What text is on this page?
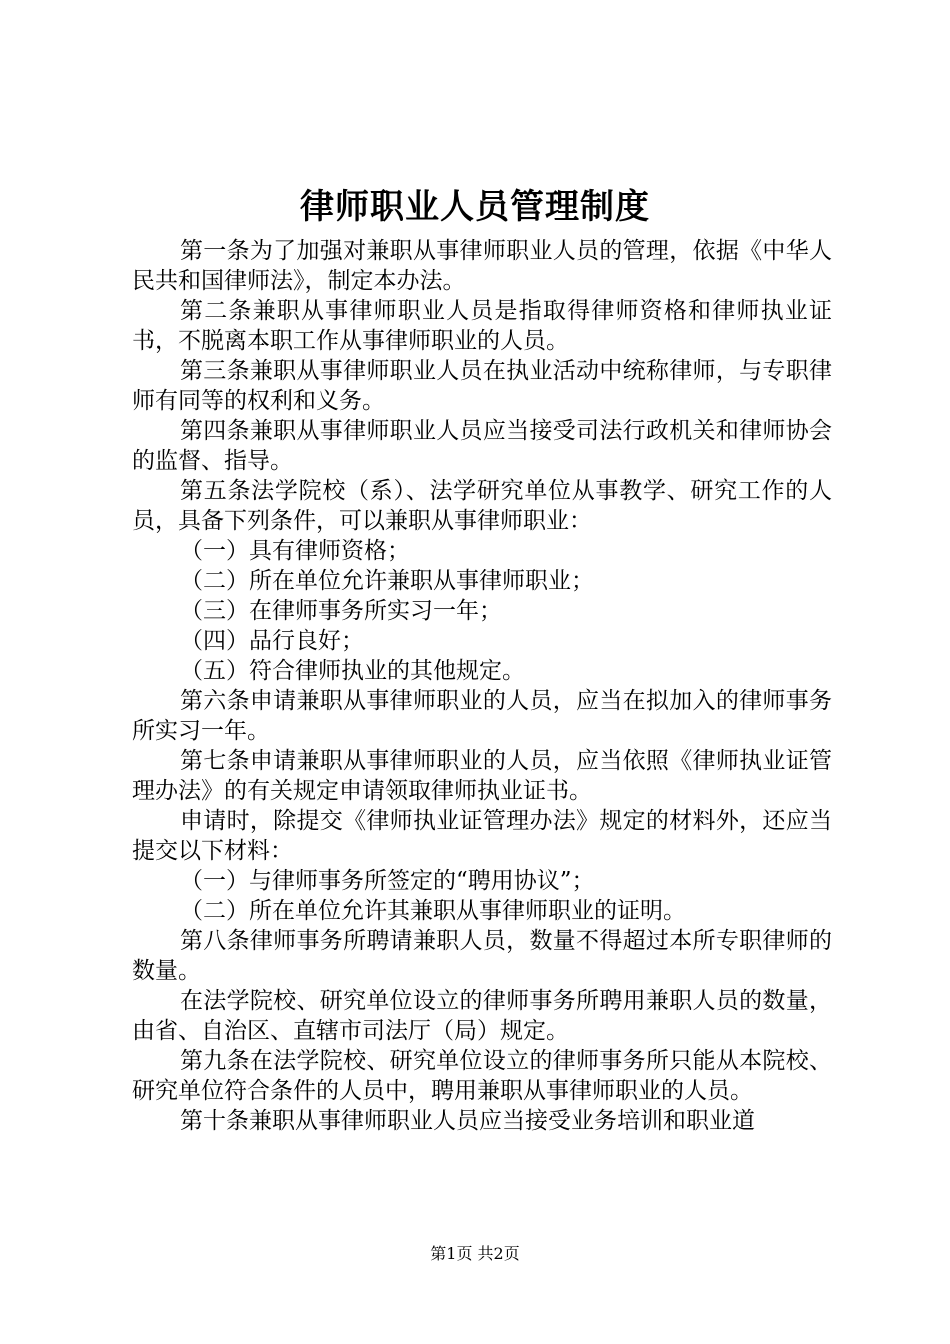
律师职业人员管理制度

第一条为了加强对兼职从事律师职业人员的管理，依据《中华人民共和国律师法》，制定本办法。

第二条兼职从事律师职业人员是指取得律师资格和律师执业证书，不脱离本职工作从事律师职业的人员。

第三条兼职从事律师职业人员在执业活动中统称律师，与专职律师有同等的权利和义务。

第四条兼职从事律师职业人员应当接受司法行政机关和律师协会的监督、指导。

第五条法学院校（系）、法学研究单位从事教学、研究工作的人员，具备下列条件，可以兼职从事律师职业：

（一）具有律师资格；

（二）所在单位允许兼职从事律师职业；

（三）在律师事务所实习一年；

（四）品行良好；

（五）符合律师执业的其他规定。

第六条申请兼职从事律师职业的人员，应当在拟加入的律师事务所实习一年。

第七条申请兼职从事律师职业的人员，应当依照《律师执业证管理办法》的有关规定申请领取律师执业证书。

申请时，除提交《律师执业证管理办法》规定的材料外，还应当提交以下材料：

（一）与律师事务所签定的“聘用协议”；

（二）所在单位允许其兼职从事律师职业的证明。

第八条律师事务所聘请兼职人员，数量不得超过本所专职律师的数量。

在法学院校、研究单位设立的律师事务所聘用兼职人员的数量，由省、自治区、直辖市司法厅（局）规定。

第九条在法学院校、研究单位设立的律师事务所只能从本院校、研究单位符合条件的人员中，聘用兼职从事律师职业的人员。

第十条兼职从事律师职业人员应当接受业务培训和职业道

第1页 共2页
